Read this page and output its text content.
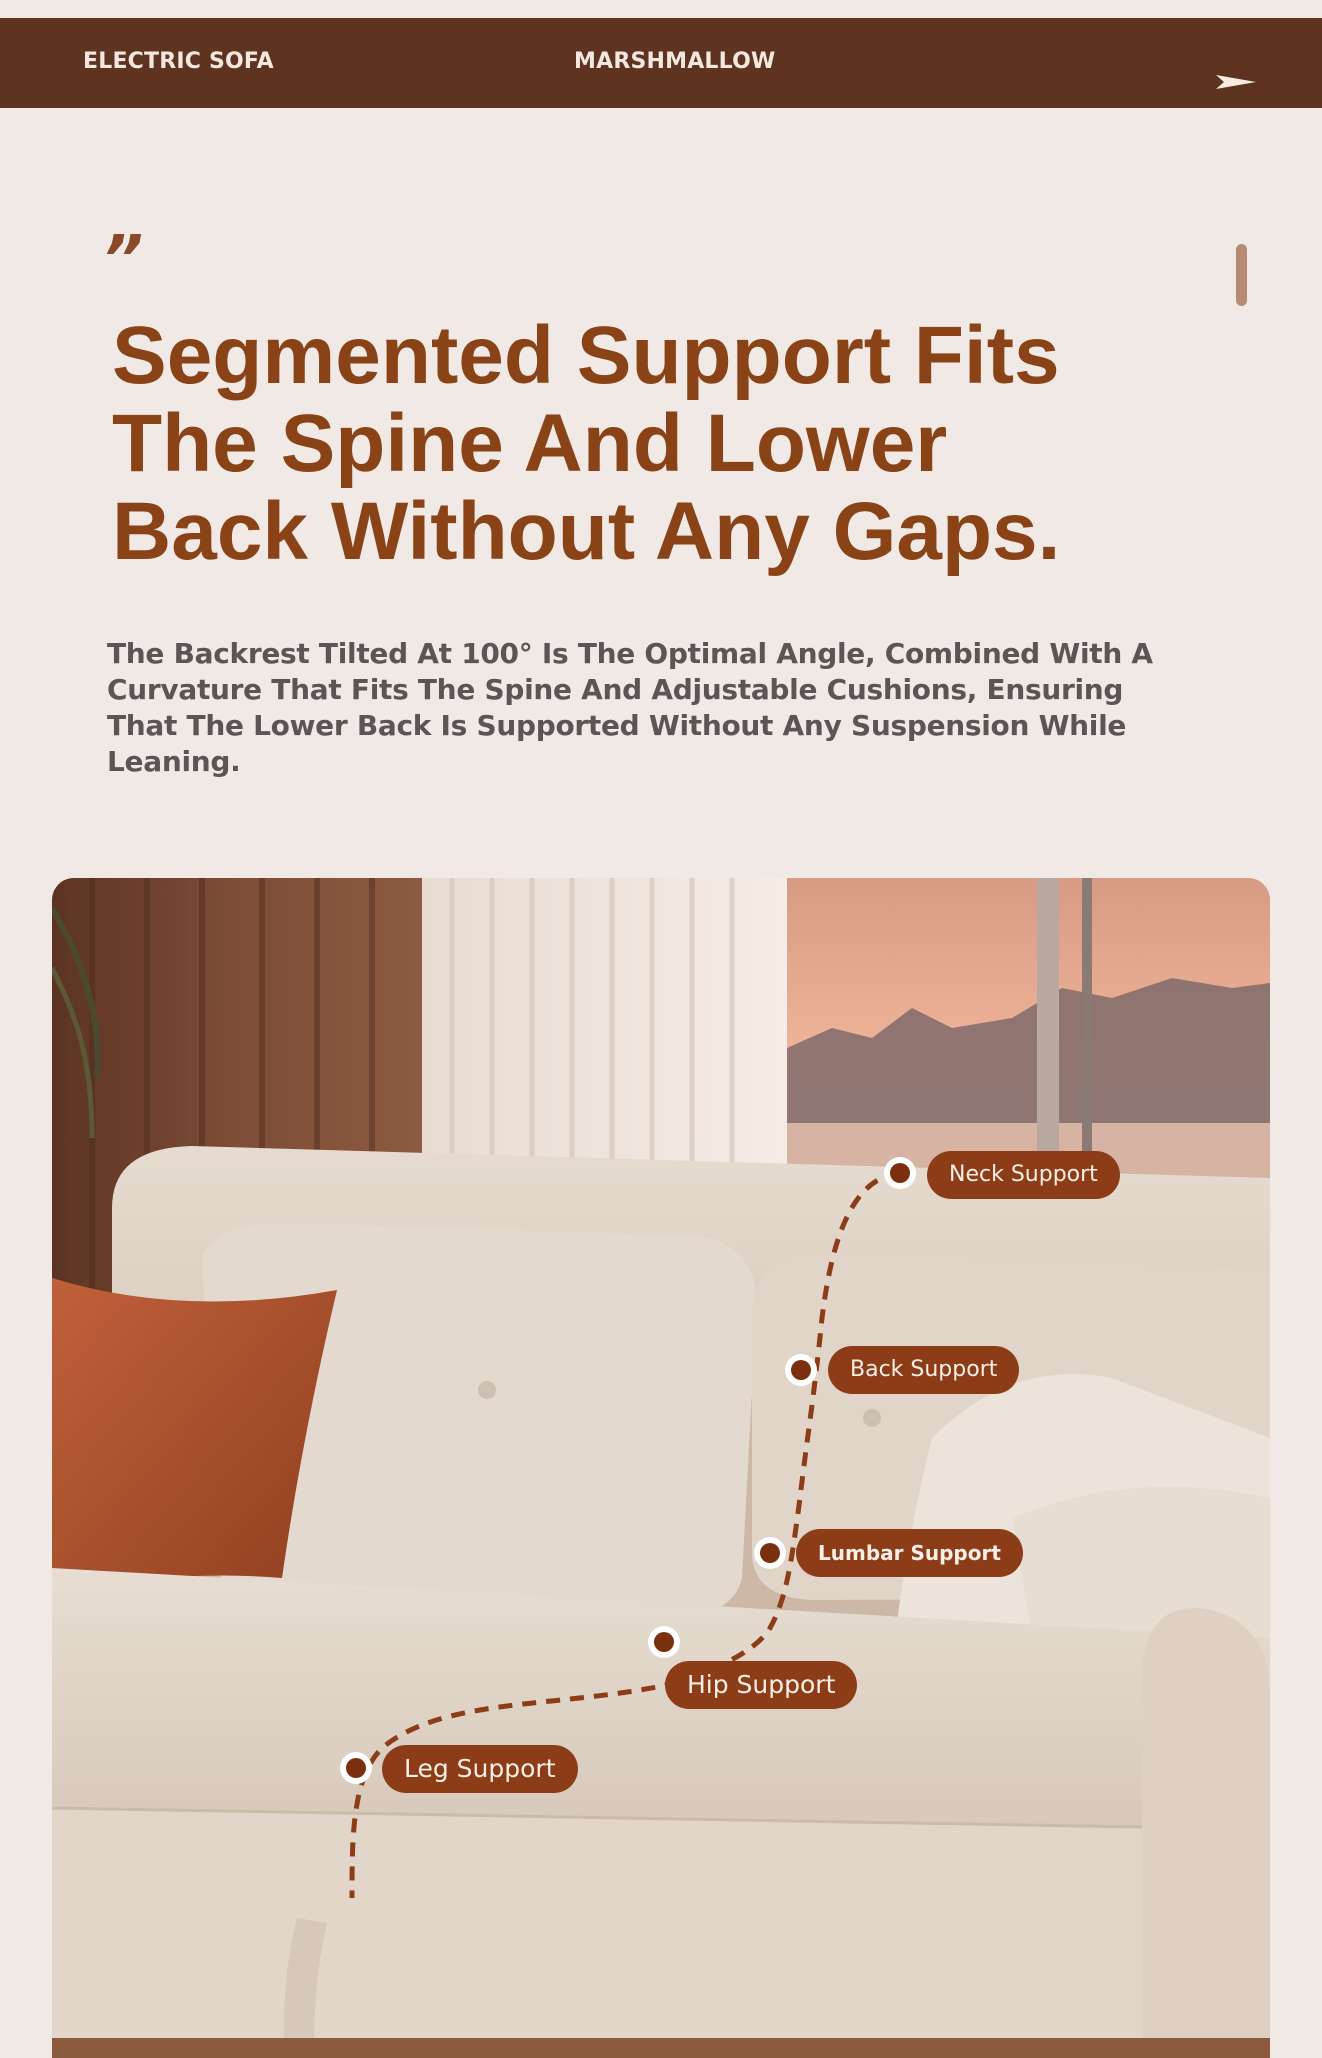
ELECTRIC SOFA	MARSHMALLOW
”
Segmented Support Fits The Spine And Lower Back Without Any Gaps.

The Backrest Tilted At 100° Is The Optimal Angle, Combined With A Curvature That Fits The Spine And Adjustable Cushions, Ensuring That The Lower Back Is Supported Without Any Suspension While Leaning.

Neck Support
Back Support
Lumbar Support
Hip Support
Leg Support
